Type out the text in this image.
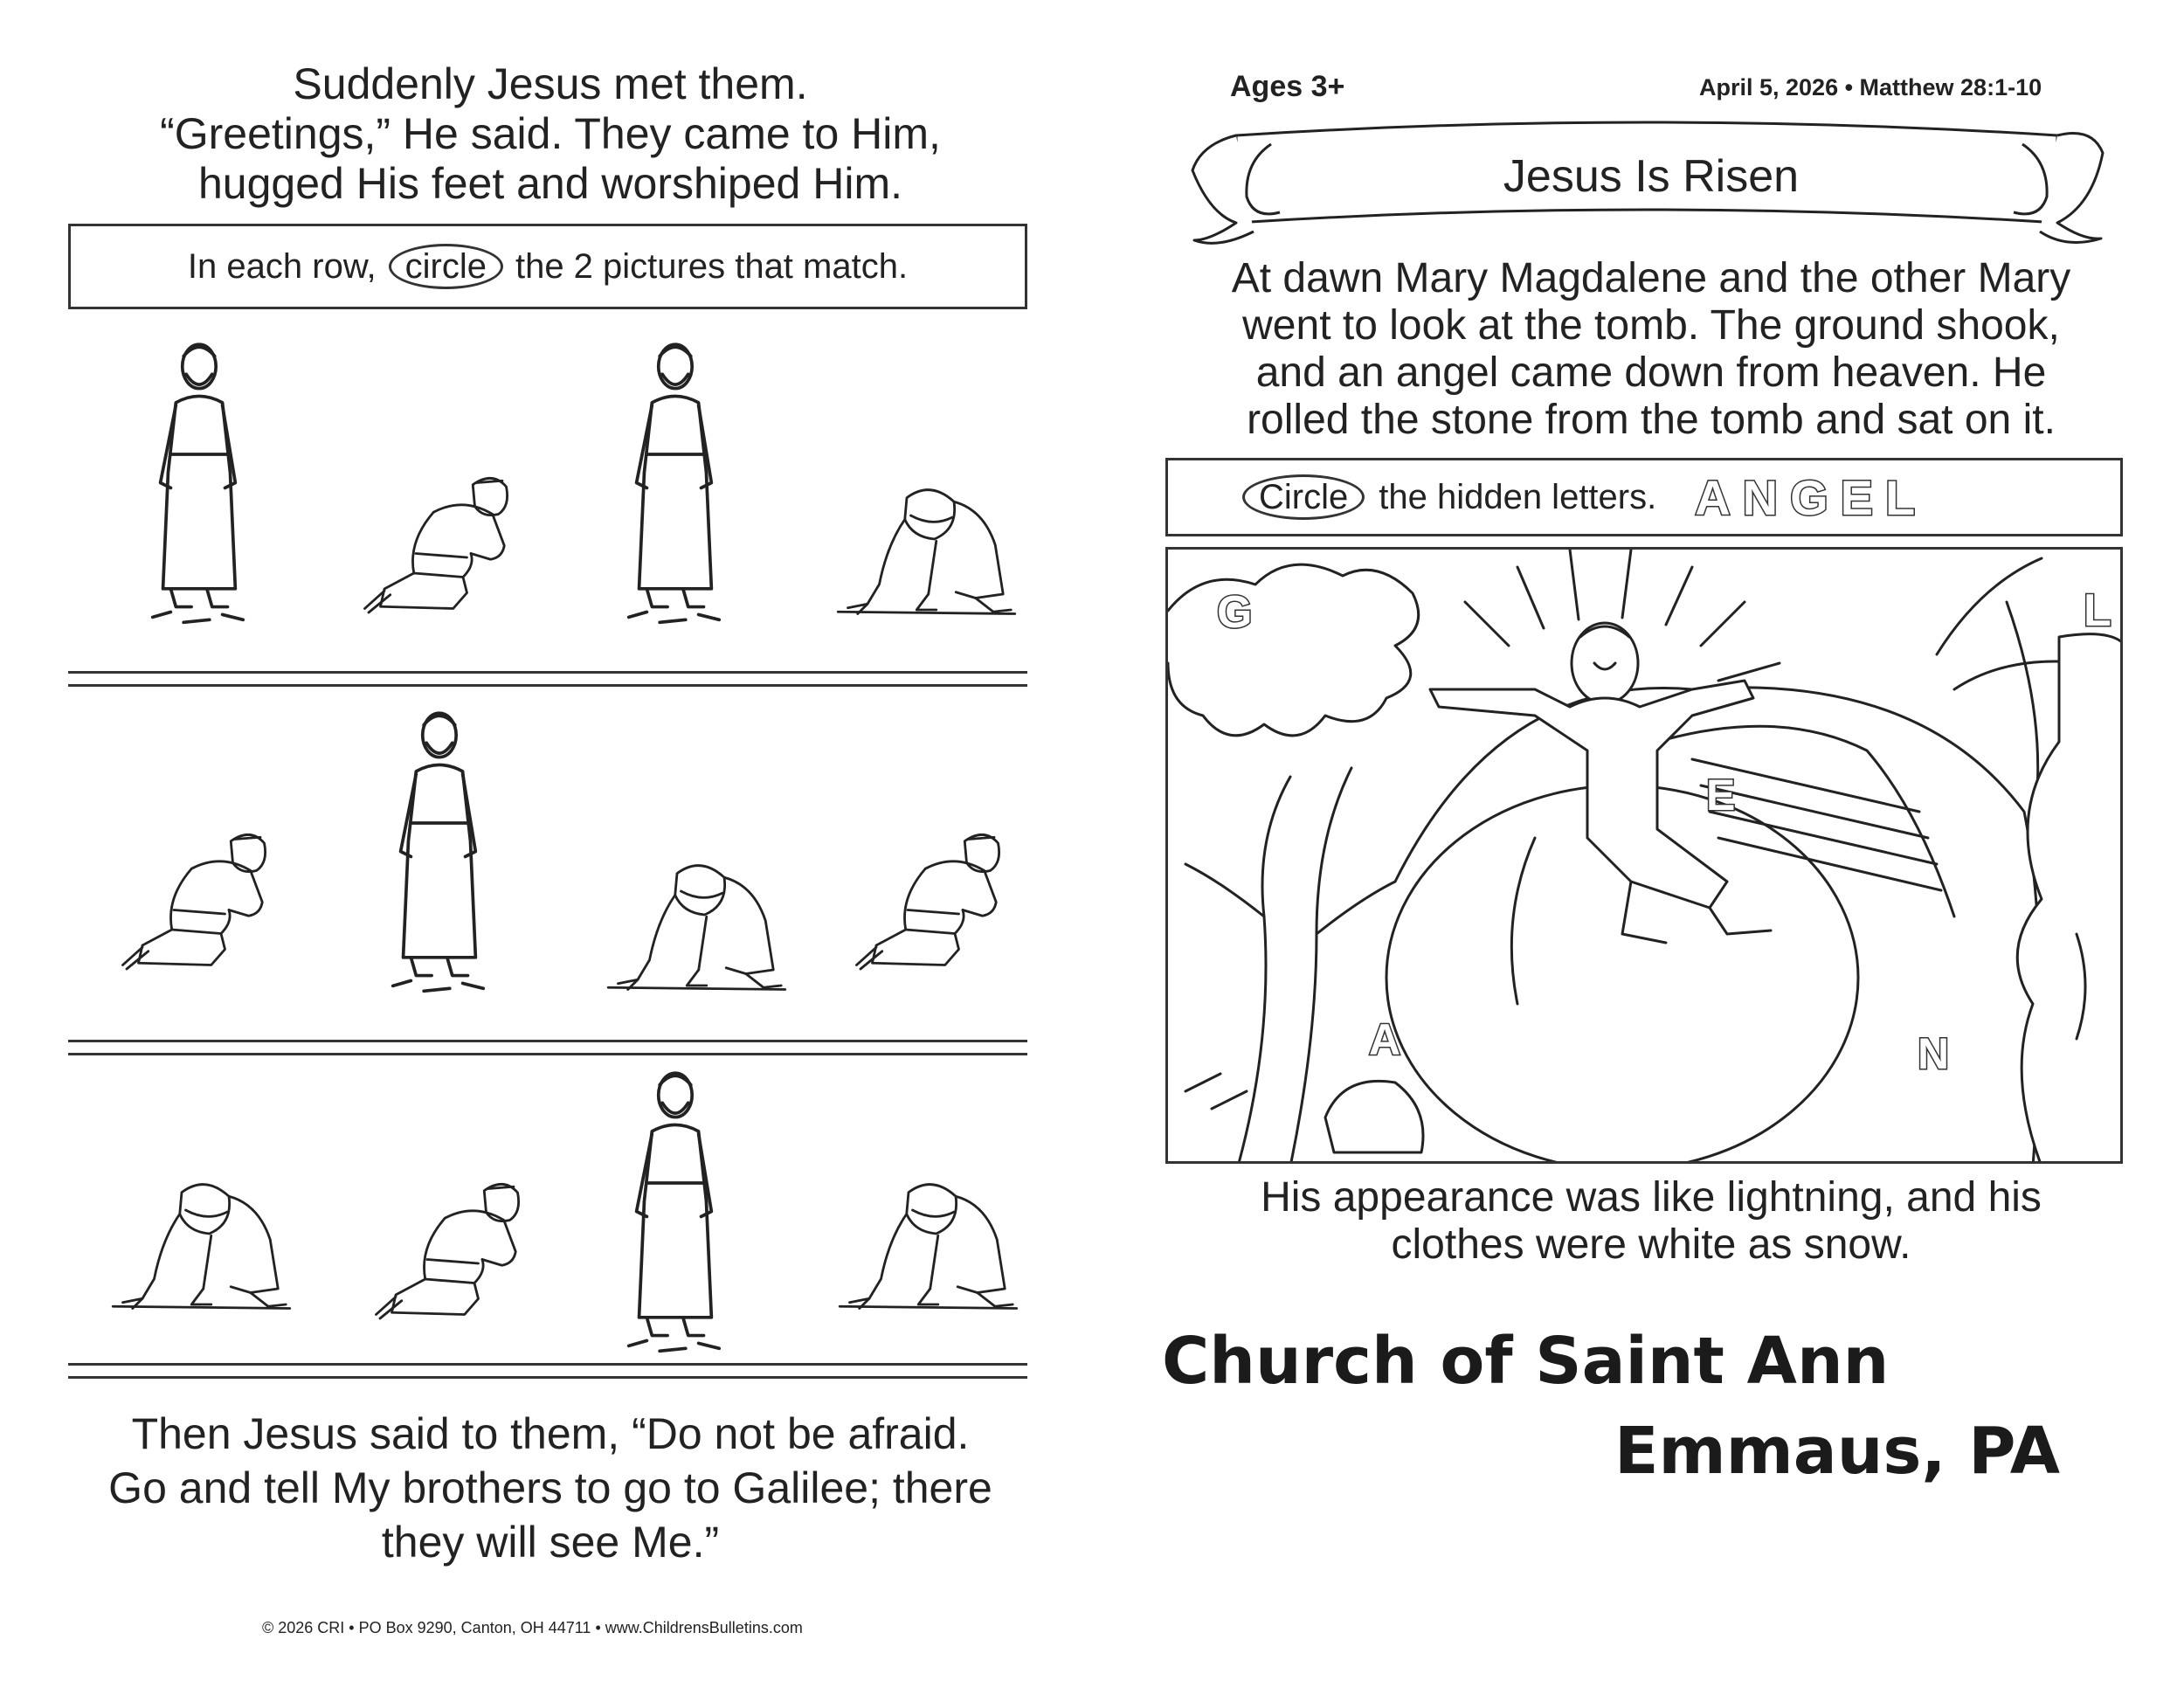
Suddenly Jesus met them.
“Greetings,” He said. They came to Him,
hugged His feet and worshiped Him.
In each row, circle the 2 pictures that match.
Then Jesus said to them, “Do not be afraid.
Go and tell My brothers to go to Galilee; there
they will see Me.”
© 2026 CRI • PO Box 9290, Canton, OH 44711 • www.ChildrensBulletins.com
Ages 3+	April 5, 2026 • Matthew 28:1-10
Jesus Is Risen
At dawn Mary Magdalene and the other Mary
went to look at the tomb. The ground shook,
and an angel came down from heaven. He
rolled the stone from the tomb and sat on it.
Circle the hidden letters. ANGEL
G	L
E
A	N
His appearance was like lightning, and his
clothes were white as snow.
Church of Saint Ann
Emmaus, PA
